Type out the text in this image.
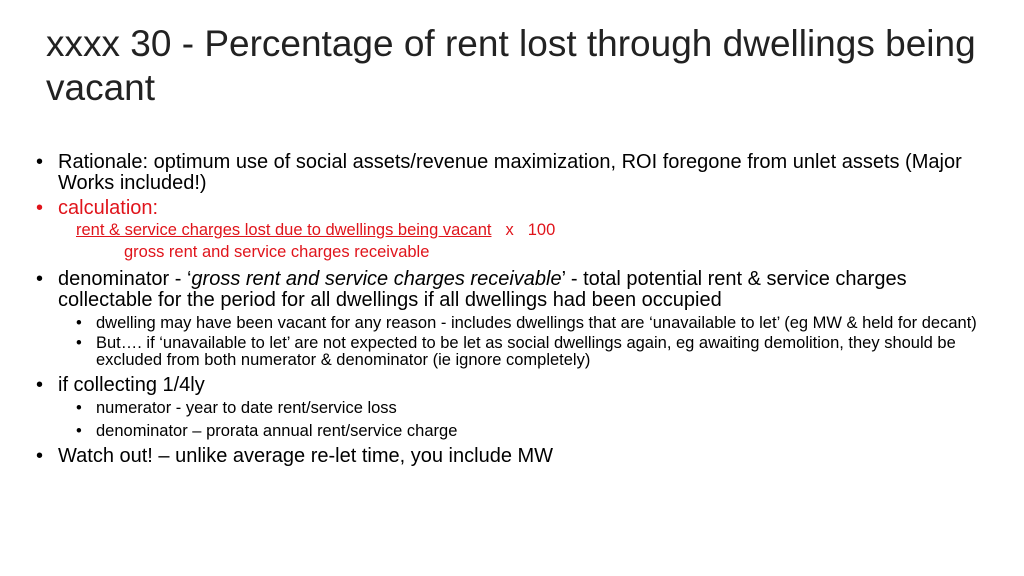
xxxx 30 - Percentage of rent lost through dwellings being vacant
• Rationale: optimum use of social assets/revenue maximization, ROI foregone from unlet assets (Major Works included!)
• calculation:
rent & service charges lost due to dwellings being vacant x 100
gross rent and service charges receivable
• denominator - ‘gross rent and service charges receivable’ - total potential rent & service charges collectable for the period for all dwellings if all dwellings had been occupied
• dwelling may have been vacant for any reason - includes dwellings that are ‘unavailable to let’ (eg MW & held for decant)
• But…. if ‘unavailable to let’ are not expected to be let as social dwellings again, eg awaiting demolition, they should be excluded from both numerator & denominator (ie ignore completely)
• if collecting 1/4ly
• numerator - year to date rent/service loss
• denominator – prorata annual rent/service charge
• Watch out! – unlike average re-let time, you include MW
